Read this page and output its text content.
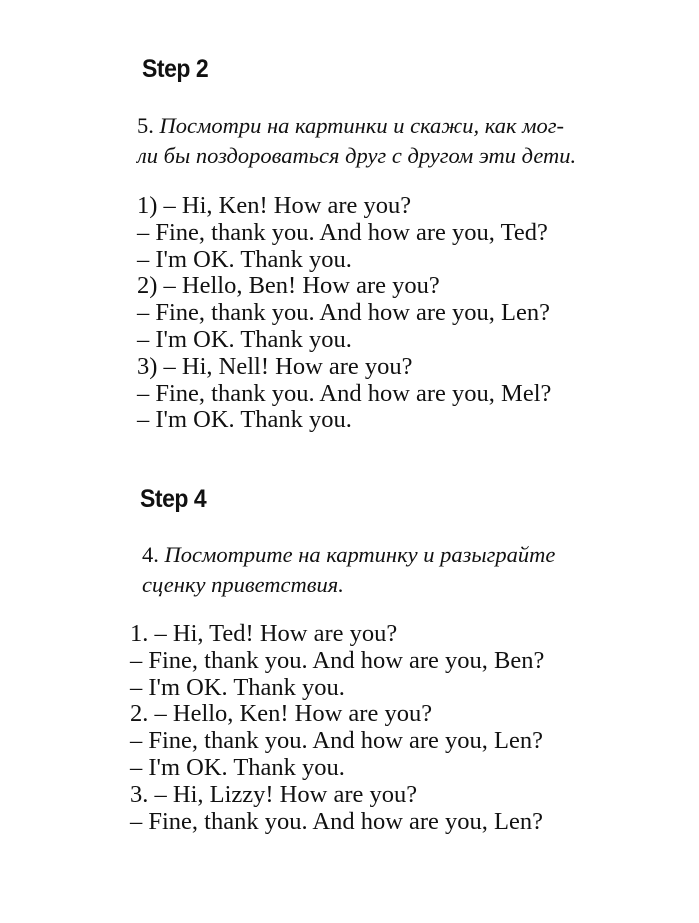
Step 2

5. Посмотри на картинки и скажи, как мог-
ли бы поздороваться друг с другом эти дети.

1) – Hi, Ken! How are you?
– Fine, thank you. And how are you, Ted?
– I'm OK. Thank you.
2) – Hello, Ben! How are you?
– Fine, thank you. And how are you, Len?
– I'm OK. Thank you.
3) – Hi, Nell! How are you?
– Fine, thank you. And how are you, Mel?
– I'm OK. Thank you.
Step 4

4. Посмотрите на картинку и разыграйте
сценку приветствия.

1. – Hi, Ted! How are you?
– Fine, thank you. And how are you, Ben?
– I'm OK. Thank you.
2. – Hello, Ken! How are you?
– Fine, thank you. And how are you, Len?
– I'm OK. Thank you.
3. – Hi, Lizzy! How are you?
– Fine, thank you. And how are you, Len?
